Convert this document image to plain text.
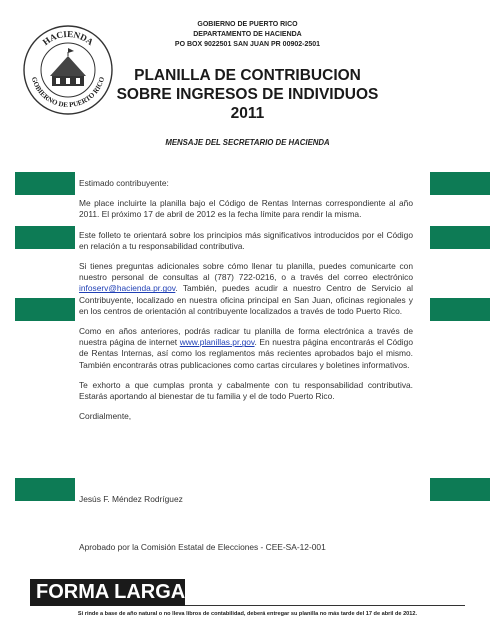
HACIENDA
GOBIERNO DE PUERTO RICO
GOBIERNO DE PUERTO RICO
DEPARTAMENTO DE HACIENDA
PO BOX 9022501 SAN JUAN PR 00902-2501
PLANILLA DE CONTRIBUCION
SOBRE INGRESOS DE INDIVIDUOS
2011
MENSAJE DEL SECRETARIO DE HACIENDA

Estimado contribuyente:

Me place incluirte la planilla bajo el Código de Rentas Internas correspondiente al año 2011. El próximo 17 de abril de 2012 es la fecha límite para rendir la misma.

Este folleto te orientará sobre los principios más significativos introducidos por el Código en relación a tu responsabilidad contributiva.

Si tienes preguntas adicionales sobre cómo llenar tu planilla, puedes comunicarte con nuestro personal de consultas al (787) 722-0216, o a través del correo electrónico infoserv@hacienda.pr.gov. También, puedes acudir a nuestro Centro de Servicio al Contribuyente, localizado en nuestra oficina principal en San Juan, oficinas regionales y en los centros de orientación al contribuyente localizados a través de todo Puerto Rico.

Como en años anteriores, podrás radicar tu planilla de forma electrónica a través de nuestra página de internet www.planillas.pr.gov. En nuestra página encontrarás el Código de Rentas Internas, así como los reglamentos más recientes aprobados bajo el mismo. También encontrarás otras publicaciones como cartas circulares y boletines informativos.

Te exhorto a que cumplas pronta y cabalmente con tu responsabilidad contributiva. Estarás aportando al bienestar de tu familia y el de todo Puerto Rico.

Cordialmente,

Jesús F. Méndez Rodríguez
Aprobado por la Comisión Estatal de Elecciones - CEE-SA-12-001
FORMA LARGA
Si rinde a base de año natural o no lleva libros de contabilidad, deberá entregar su planilla no más tarde del 17 de abril de 2012.
